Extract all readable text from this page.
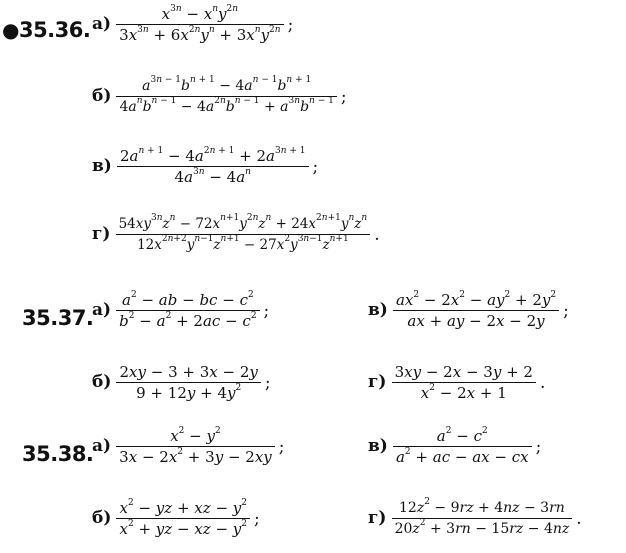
●35.36. $а) \frac{x^{3n} - x^ny^{2n}}{3x^{3n} + 6x^{2n}y^n + 3x^ny^{2n}}$ ;
$б) \frac{a^{3n - 1}b^{n + 1} - 4a^{n - 1}b^{n + 1}}{4a^nb^{n - 1} - 4a^{2n}b^{n - 1} + a^{3n}b^{n - 1}}$ ;
$в) \frac{2a^{n + 1} - 4a^{2n + 1} + 2a^{3n + 1}}{4a^{3n} - 4a^n}$ ;
$г) \frac{54xy^{3n}z^n - 72x^{n+1}y^{2n}z^n + 24x^{2n+1}y^nz^n}{12x^{2n+2}y^{n-1}z^{n+1} - 27x^2y^{3n-1}z^{n+1}}$ .
35.37.
$а) \frac{a^2 - ab - bc - c^2}{b^2 - a^2 + 2ac - c^2}$ ;	$в) \frac{ax^2 - 2x^2 - ay^2 + 2y^2}{ax + ay - 2x - 2y}$ ;
$б) \frac{2xy - 3 + 3x - 2y}{9 + 12y + 4y^2}$ ;	$г) \frac{3xy - 2x - 3y + 2}{x^2 - 2x + 1}$ .
35.38.
$а) \frac{x^2 - y^2}{3x - 2x^2 + 3y - 2xy}$ ;	$в) \frac{a^2 - c^2}{a^2 + ac - ax - cx}$ ;
$б) \frac{x^2 - yz + xz - y^2}{x^2 + yz - xz - y^2}$ ;	$г) \frac{12z^2 - 9rz + 4nz - 3rn}{20z^2 + 3rn - 15rz - 4nz}$ .
